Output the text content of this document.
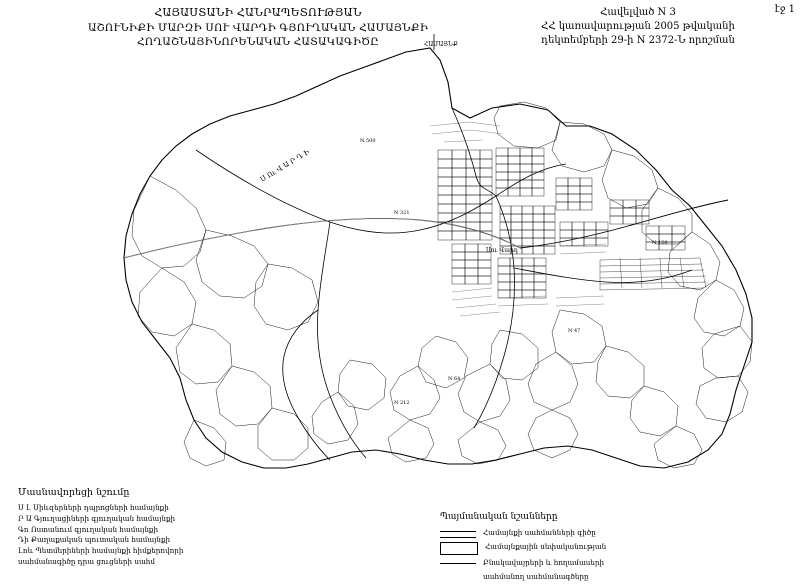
ՀԱՅԱՍՏԱՆԻ ՀԱՆՐԱՊԵՏՈՒԹՅԱՆ
ԱՇՈՒՆԻՔԻ ՄԱՐԶԻ ՍՈՒ ՎԱՐԴԻ ԳՅՈՒՂԱԿԱՆ ՀԱՄԱՅՆՔԻ
ՀՈՂԱՇՆԱՅԻՆՈՐԵՆԱԿԱՆ ՀԱՏԱԿԱԳԻԾԸ
Հավելված N 3
ՀՀ կառավարության 2005 թվականի
դեկտեմբերի 29-ի N 2372-Ն որոշման
էջ 1
Ս Ու Վ Ա Ր Դ Ի
ՀԱՄԱՅՆՔ
Սու Վարդ
N 500
N 321
N 128
N 64
N 212
N 47
Մասնավորեցի նշումը
Ս Լ Սիևզերների դպրոցների համայնքի
Ր Ա Գյուղացիների գյուղական համայնքի
Գո Ոստանում գյուղական համայնքի
Դի Քաղաքական պուտական համայնքի
Լոև Պետմերիների համայնքի հիմքերովորի
սահմանագիծը դրա ցուցների սահմ
Պայմանական նշանները
Համայնքի սահմանների գիծը
Համայնքային սեփականության
Բնակավայրերի և հողամասերի
սահմանող սահմանագծերը
